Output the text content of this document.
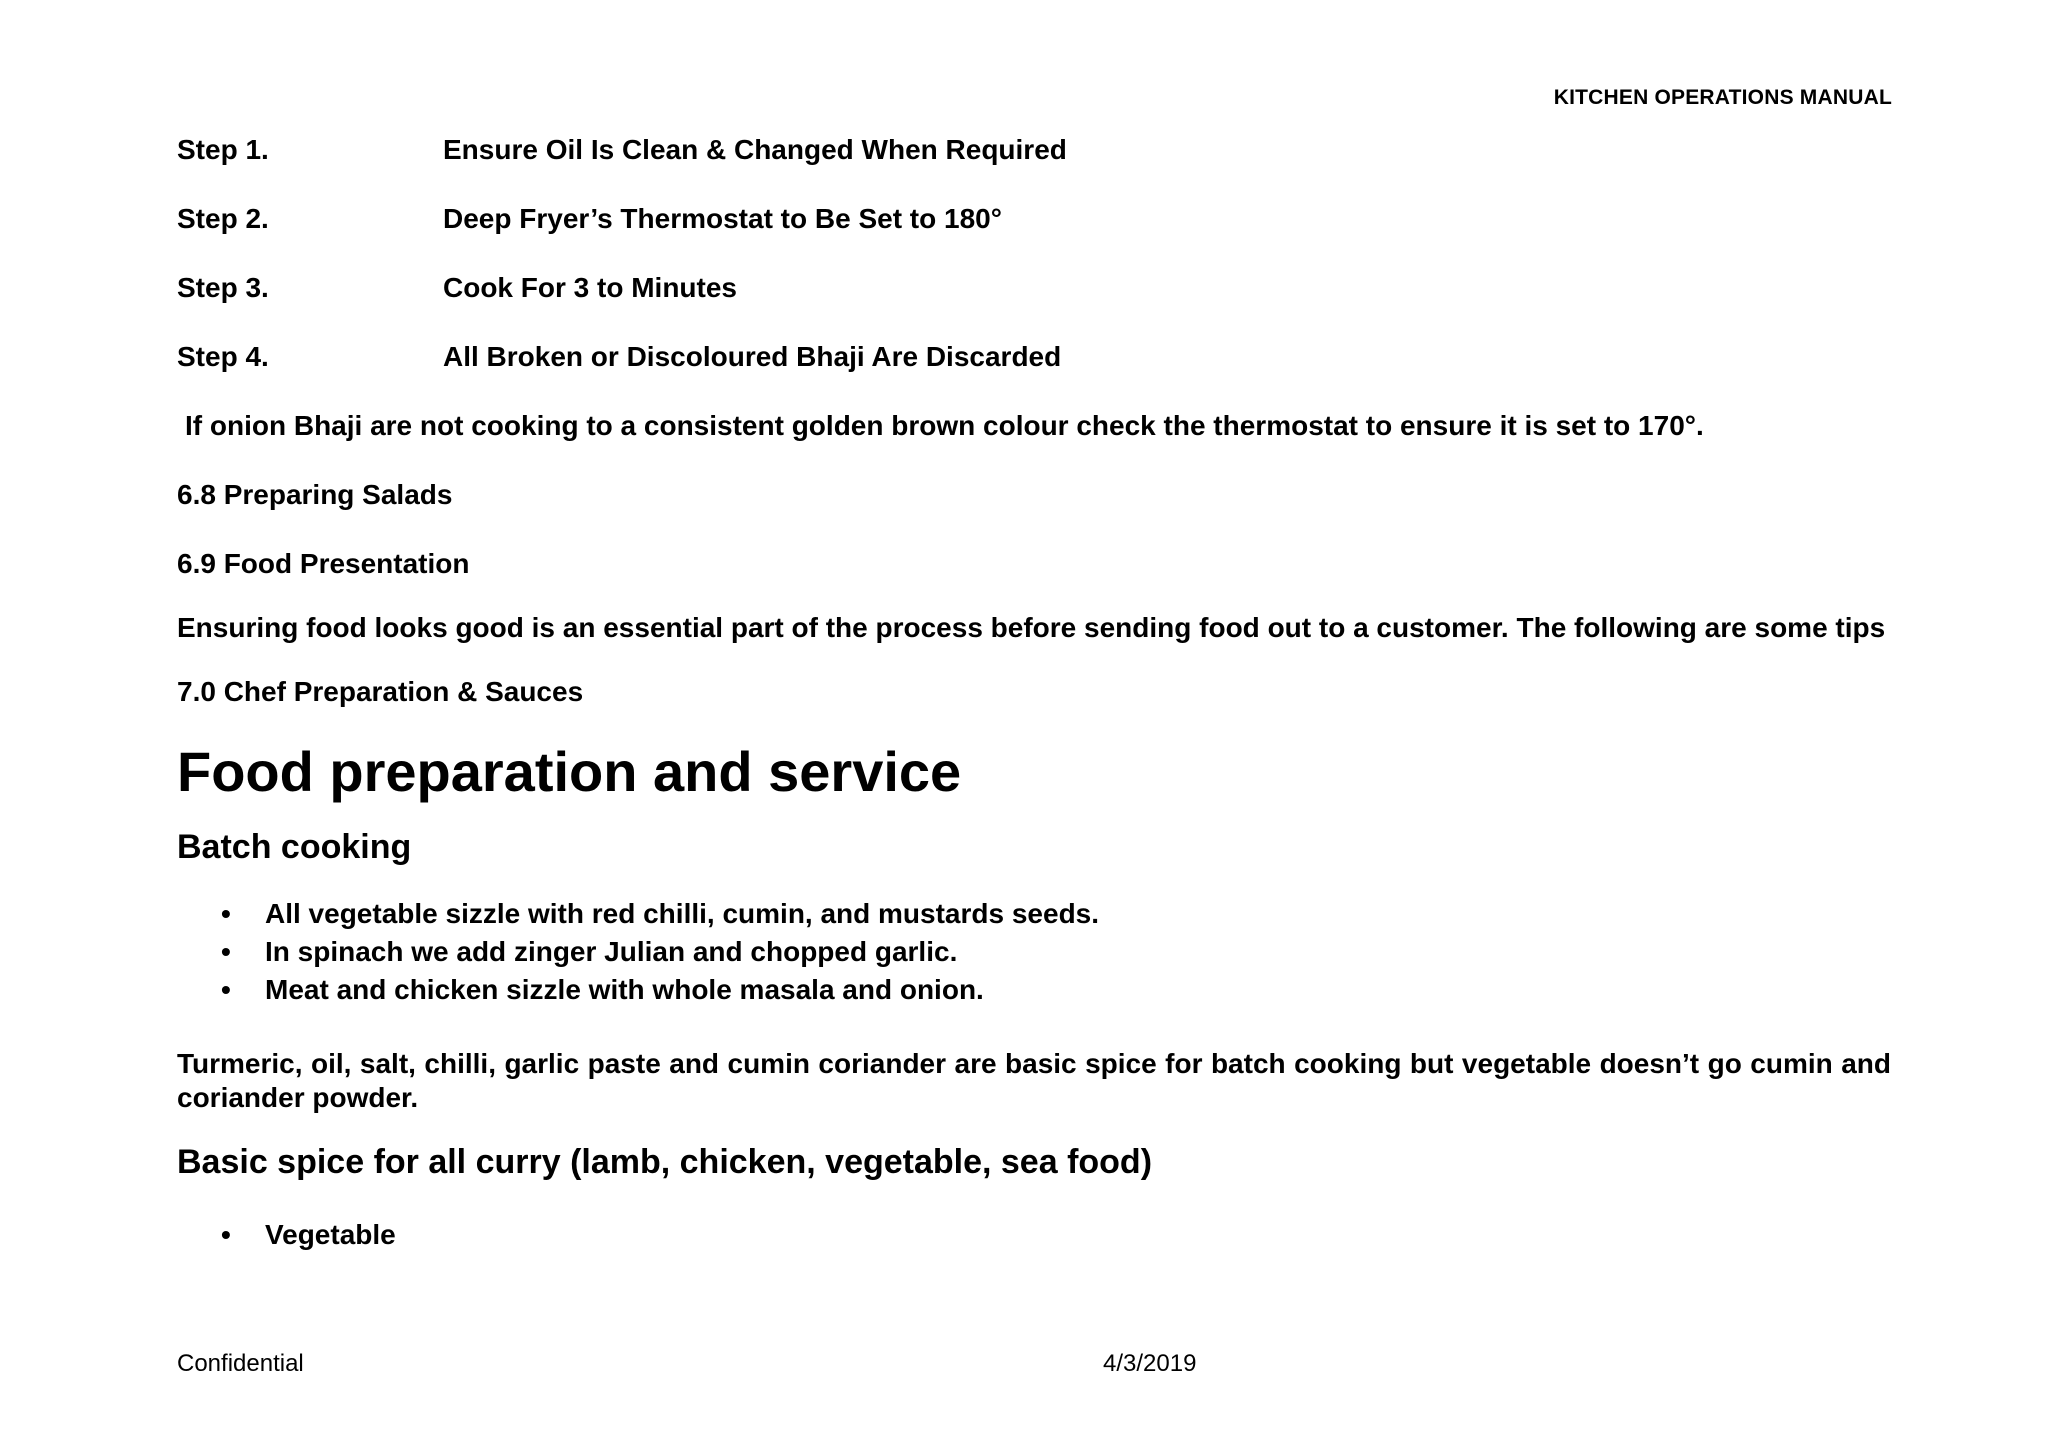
KITCHEN OPERATIONS MANUAL
Step 1.	Ensure Oil Is Clean & Changed When Required
Step 2.	Deep Fryer’s Thermostat to Be Set to 180°
Step 3.	Cook For 3 to Minutes
Step 4.	All Broken or Discoloured Bhaji Are Discarded
If onion Bhaji are not cooking to a consistent golden brown colour check the thermostat to ensure it is set to 170°.
6.8 Preparing Salads
6.9 Food Presentation
Ensuring food looks good is an essential part of the process before sending food out to a customer. The following are some tips
7.0 Chef Preparation & Sauces
Food preparation and service
Batch cooking
•	All vegetable sizzle with red chilli, cumin, and mustards seeds.
•	In spinach we add zinger Julian and chopped garlic.
•	Meat and chicken sizzle with whole masala and onion.
Turmeric, oil, salt, chilli, garlic paste and cumin coriander are basic spice for batch cooking but vegetable doesn’t go cumin and coriander powder.
Basic spice for all curry (lamb, chicken, vegetable, sea food)
•	Vegetable
Confidential	4/3/2019
